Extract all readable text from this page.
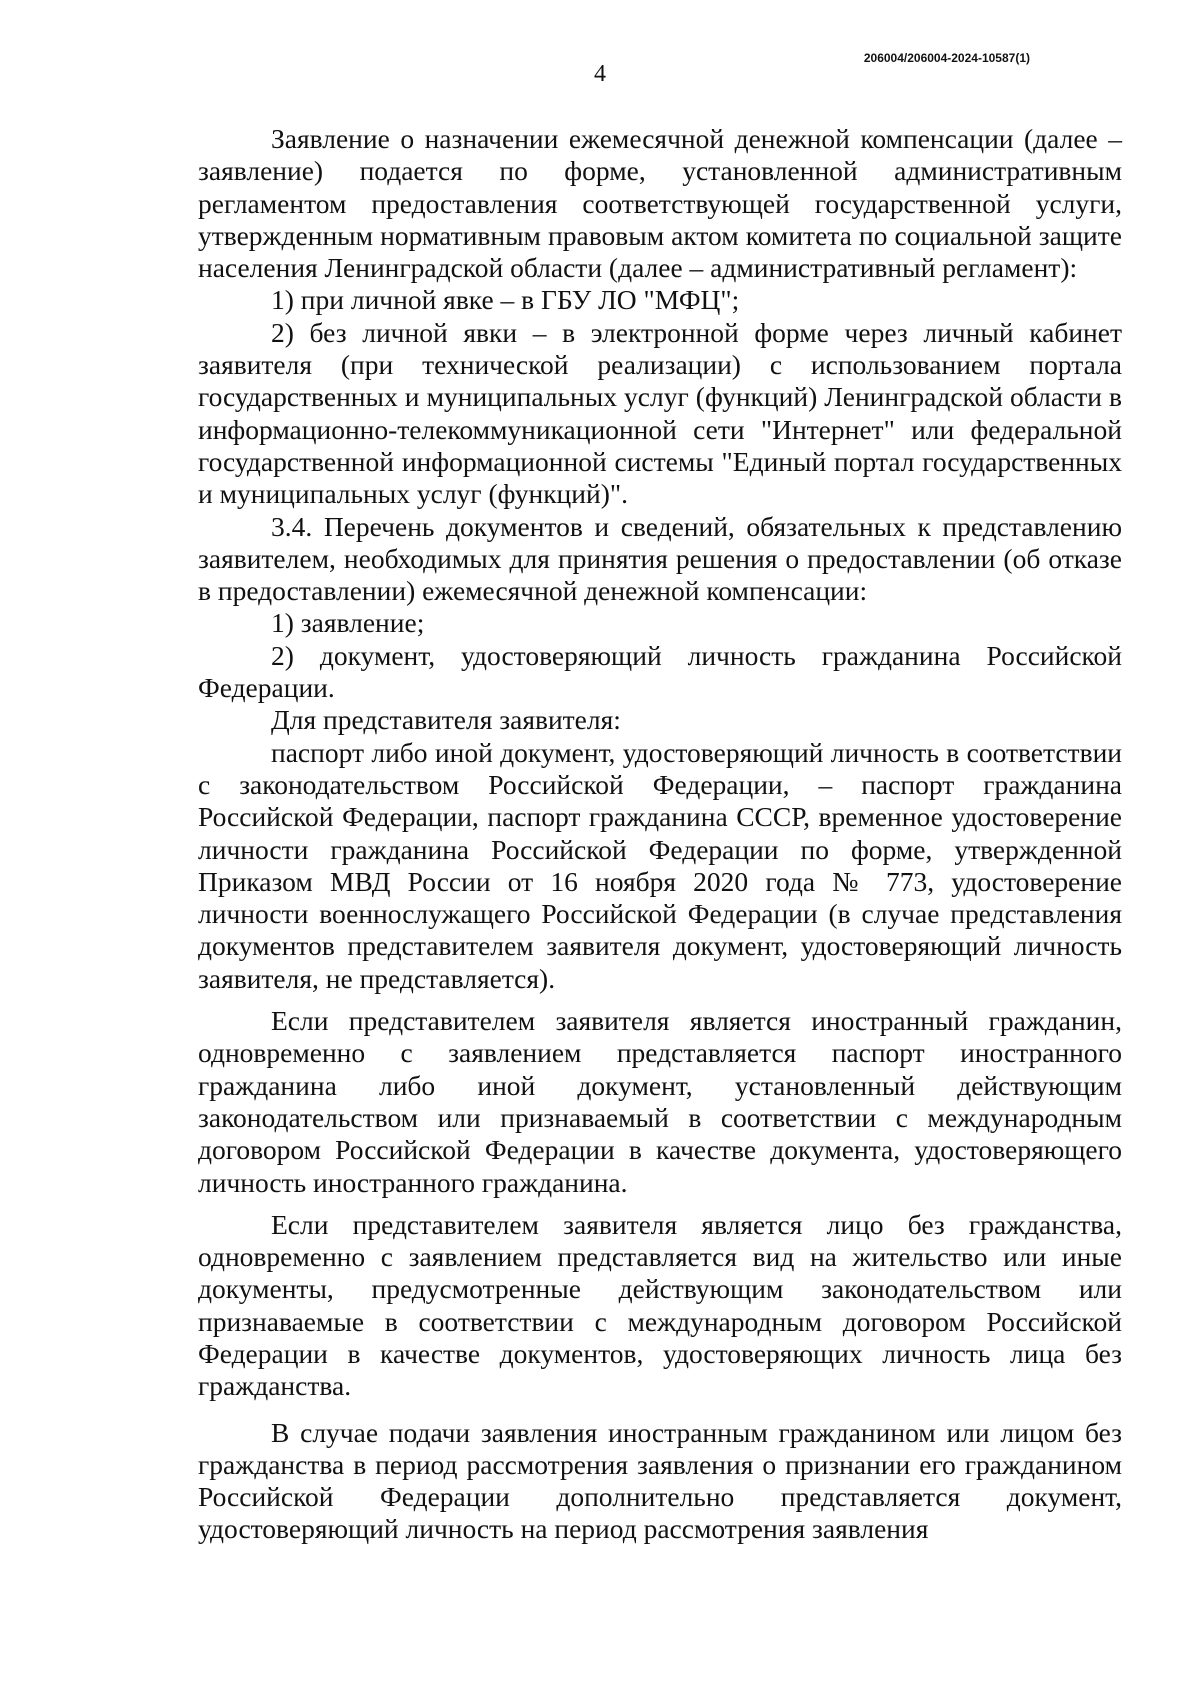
4
206004/206004-2024-10587(1)

Заявление о назначении ежемесячной денежной компенсации (далее – заявление) подается по форме, установленной административным регламентом предоставления соответствующей государственной услуги, утвержденным нормативным правовым актом комитета по социальной защите населения Ленинградской области (далее – административный регламент):

1) при личной явке – в ГБУ ЛО "МФЦ";

2) без личной явки – в электронной форме через личный кабинет заявителя (при технической реализации) с использованием портала государственных и муниципальных услуг (функций) Ленинградской области в информационно-телекоммуникационной сети "Интернет" или федеральной государственной информационной системы "Единый портал государственных и муниципальных услуг (функций)".

3.4. Перечень документов и сведений, обязательных к представлению заявителем, необходимых для принятия решения о предоставлении (об отказе в предоставлении) ежемесячной денежной компенсации:

1) заявление;

2) документ, удостоверяющий личность гражданина Российской Федерации.

Для представителя заявителя:

паспорт либо иной документ, удостоверяющий личность в соответствии с законодательством Российской Федерации, – паспорт гражданина Российской Федерации, паспорт гражданина СССР, временное удостоверение личности гражданина Российской Федерации по форме, утвержденной Приказом МВД России от 16 ноября 2020 года № 773, удостоверение личности военнослужащего Российской Федерации (в случае представления документов представителем заявителя документ, удостоверяющий личность заявителя, не представляется).

Если представителем заявителя является иностранный гражданин, одновременно с заявлением представляется паспорт иностранного гражданина либо иной документ, установленный действующим законодательством или признаваемый в соответствии с международным договором Российской Федерации в качестве документа, удостоверяющего личность иностранного гражданина.

Если представителем заявителя является лицо без гражданства, одновременно с заявлением представляется вид на жительство или иные документы, предусмотренные действующим законодательством или признаваемые в соответствии с международным договором Российской Федерации в качестве документов, удостоверяющих личность лица без гражданства.

В случае подачи заявления иностранным гражданином или лицом без гражданства в период рассмотрения заявления о признании его гражданином Российской Федерации дополнительно представляется документ, удостоверяющий личность на период рассмотрения заявления
